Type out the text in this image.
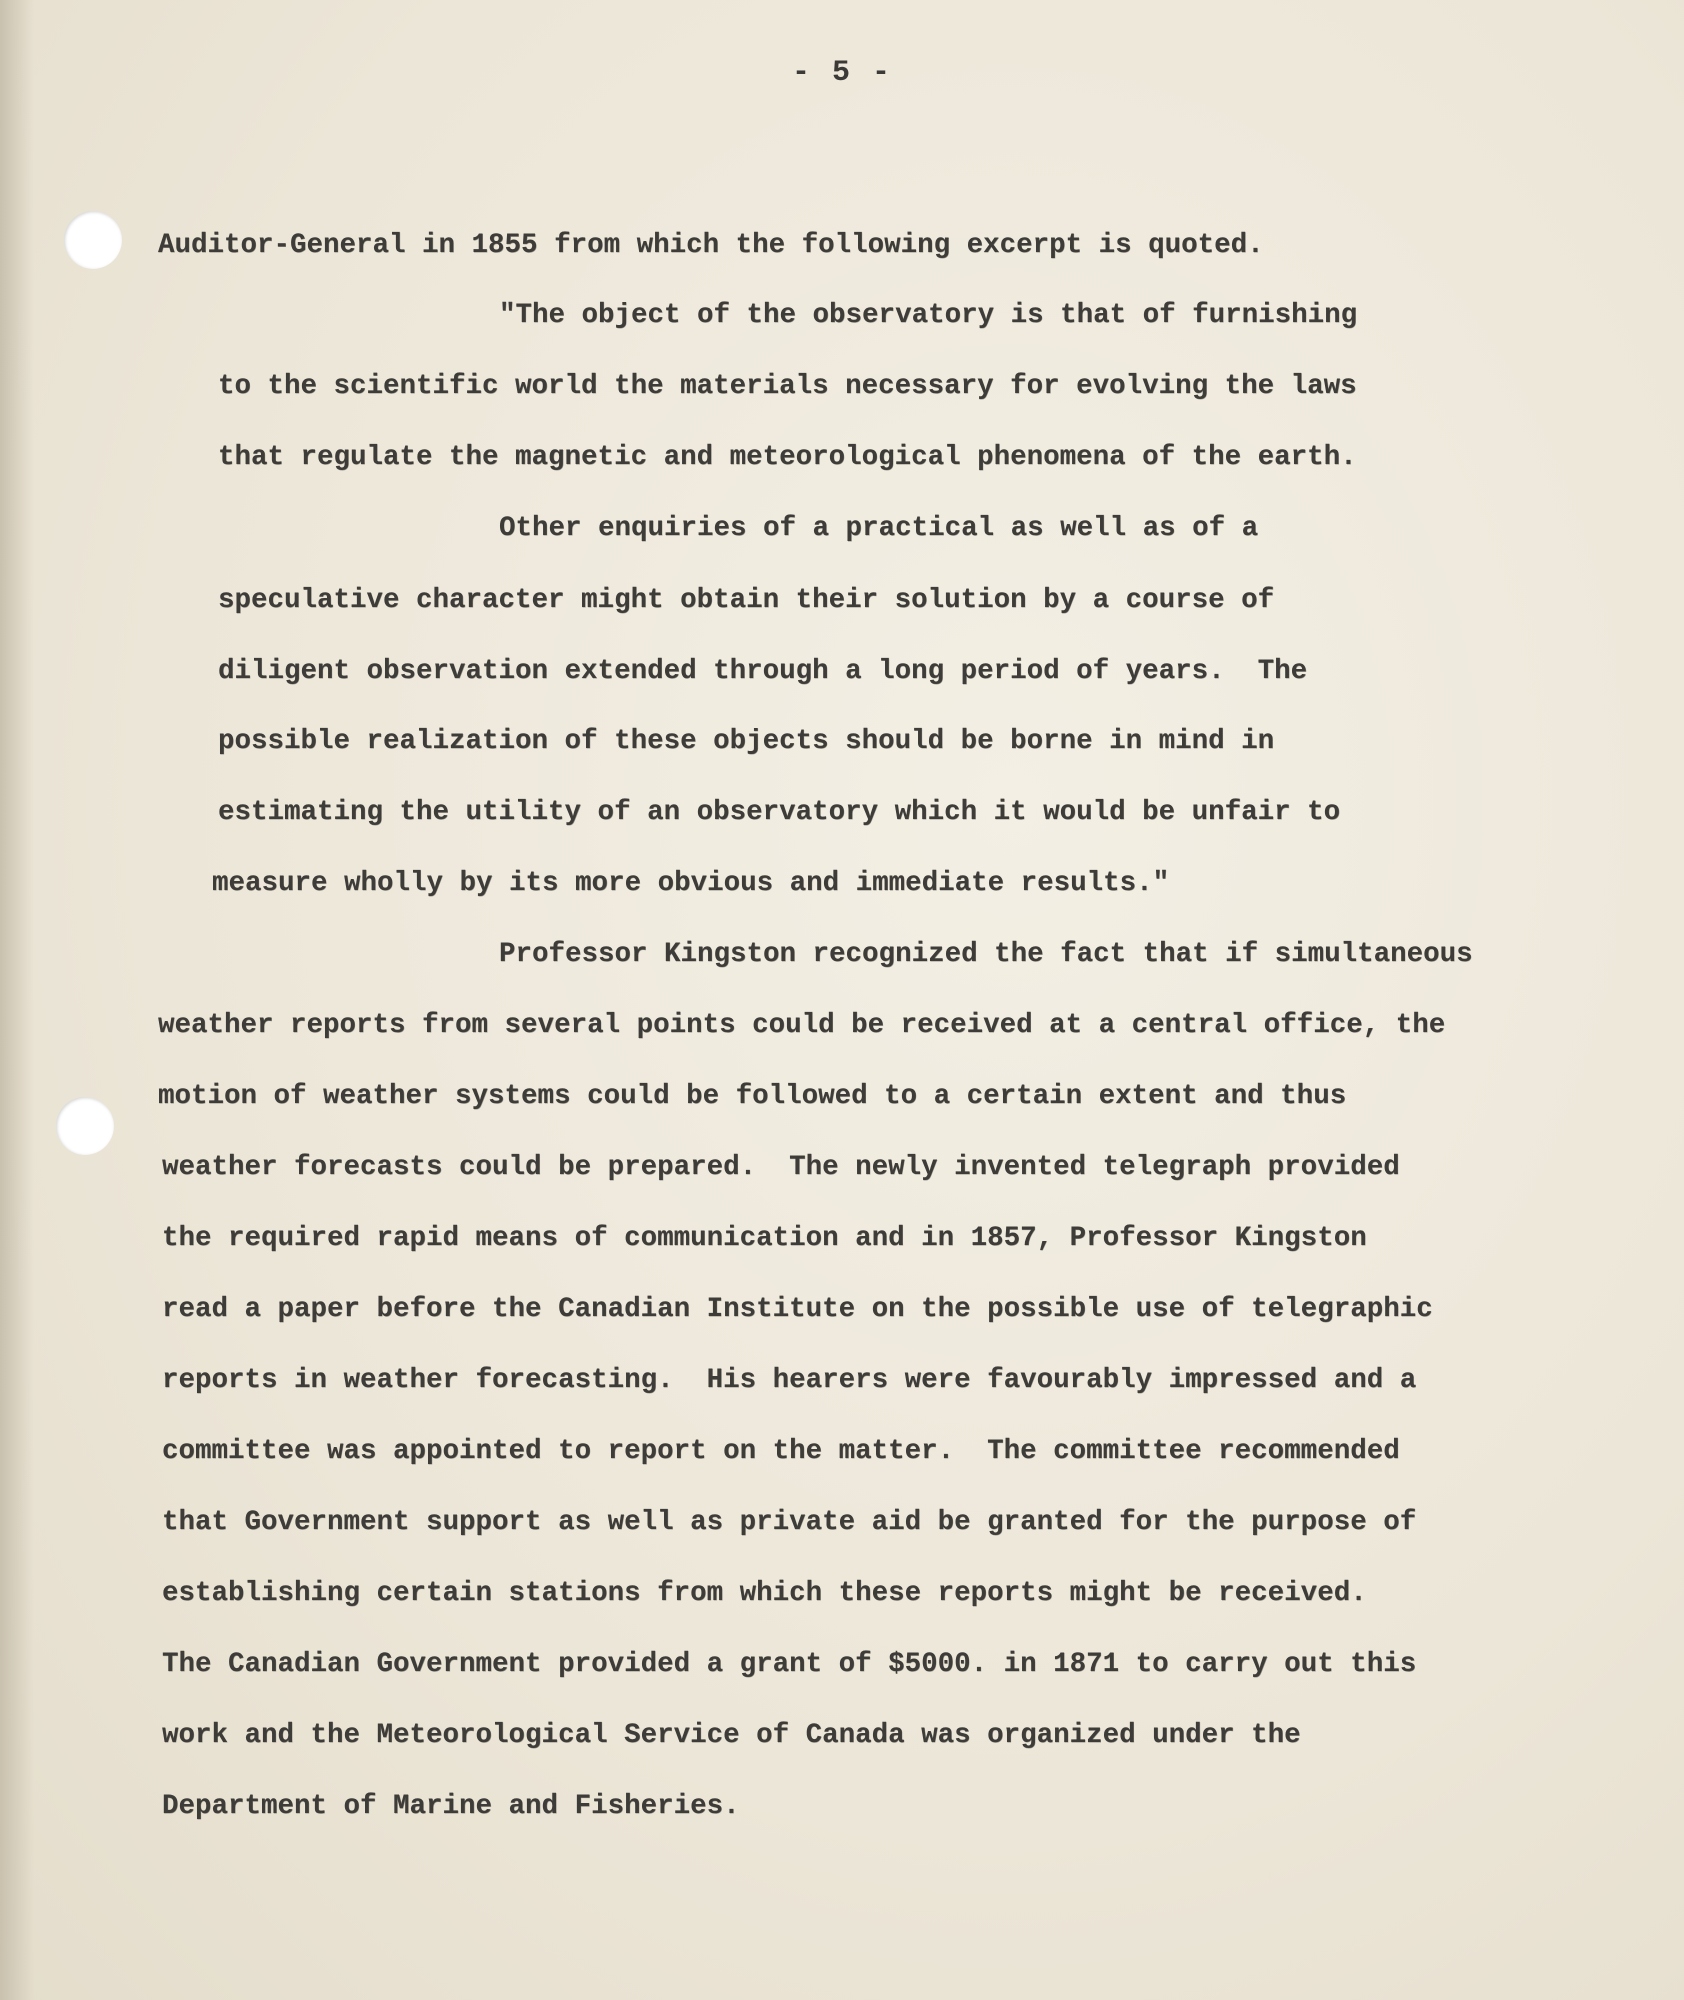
- 5 -

Auditor-General in 1855 from which the following excerpt is quoted.

"The object of the observatory is that of furnishing

to the scientific world the materials necessary for evolving the laws

that regulate the magnetic and meteorological phenomena of the earth.

Other enquiries of a practical as well as of a

speculative character might obtain their solution by a course of

diligent observation extended through a long period of years.  The

possible realization of these objects should be borne in mind in

estimating the utility of an observatory which it would be unfair to

measure wholly by its more obvious and immediate results."

Professor Kingston recognized the fact that if simultaneous

weather reports from several points could be received at a central office, the

motion of weather systems could be followed to a certain extent and thus

weather forecasts could be prepared.  The newly invented telegraph provided

the required rapid means of communication and in 1857, Professor Kingston

read a paper before the Canadian Institute on the possible use of telegraphic

reports in weather forecasting.  His hearers were favourably impressed and a

committee was appointed to report on the matter.  The committee recommended

that Government support as well as private aid be granted for the purpose of

establishing certain stations from which these reports might be received.

The Canadian Government provided a grant of $5000. in 1871 to carry out this

work and the Meteorological Service of Canada was organized under the

Department of Marine and Fisheries.
